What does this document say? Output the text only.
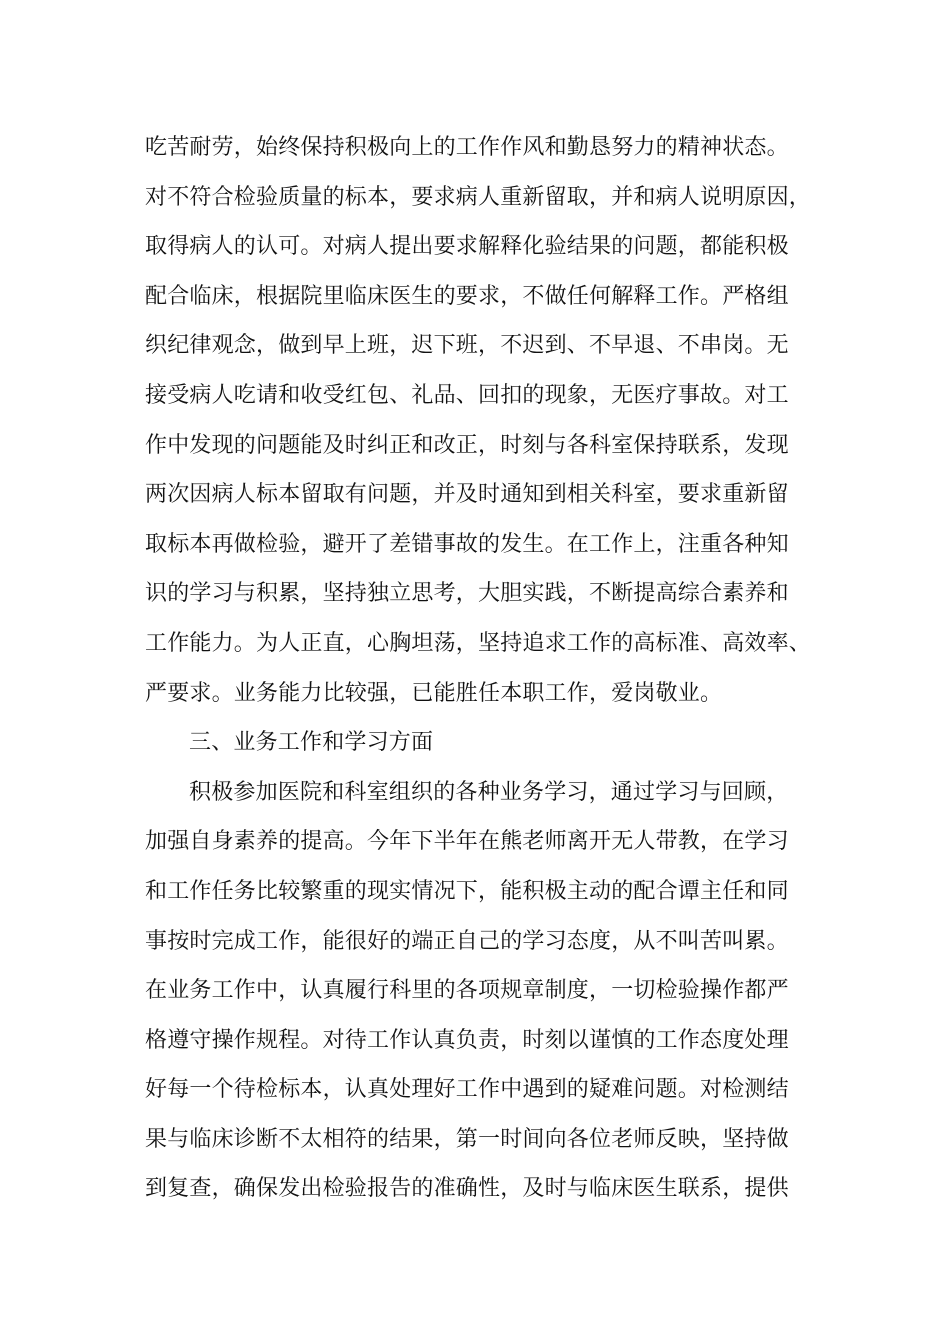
吃苦耐劳，始终保持积极向上的工作作风和勤恳努力的精神状态。
对不符合检验质量的标本，要求病人重新留取，并和病人说明原因，
取得病人的认可。对病人提出要求解释化验结果的问题，都能积极
配合临床，根据院里临床医生的要求，不做任何解释工作。严格组
织纪律观念，做到早上班，迟下班，不迟到、不早退、不串岗。无
接受病人吃请和收受红包、礼品、回扣的现象，无医疗事故。对工
作中发现的问题能及时纠正和改正，时刻与各科室保持联系，发现
两次因病人标本留取有问题，并及时通知到相关科室，要求重新留
取标本再做检验，避开了差错事故的发生。在工作上，注重各种知
识的学习与积累，坚持独立思考，大胆实践，不断提高综合素养和
工作能力。为人正直，心胸坦荡，坚持追求工作的高标准、高效率、
严要求。业务能力比较强，已能胜任本职工作，爱岗敬业。
三、业务工作和学习方面
积极参加医院和科室组织的各种业务学习，通过学习与回顾，
加强自身素养的提高。今年下半年在熊老师离开无人带教，在学习
和工作任务比较繁重的现实情况下，能积极主动的配合谭主任和同
事按时完成工作，能很好的端正自己的学习态度，从不叫苦叫累。
在业务工作中，认真履行科里的各项规章制度，一切检验操作都严
格遵守操作规程。对待工作认真负责，时刻以谨慎的工作态度处理
好每一个待检标本，认真处理好工作中遇到的疑难问题。对检测结
果与临床诊断不太相符的结果，第一时间向各位老师反映，坚持做
到复查，确保发出检验报告的准确性，及时与临床医生联系，提供
